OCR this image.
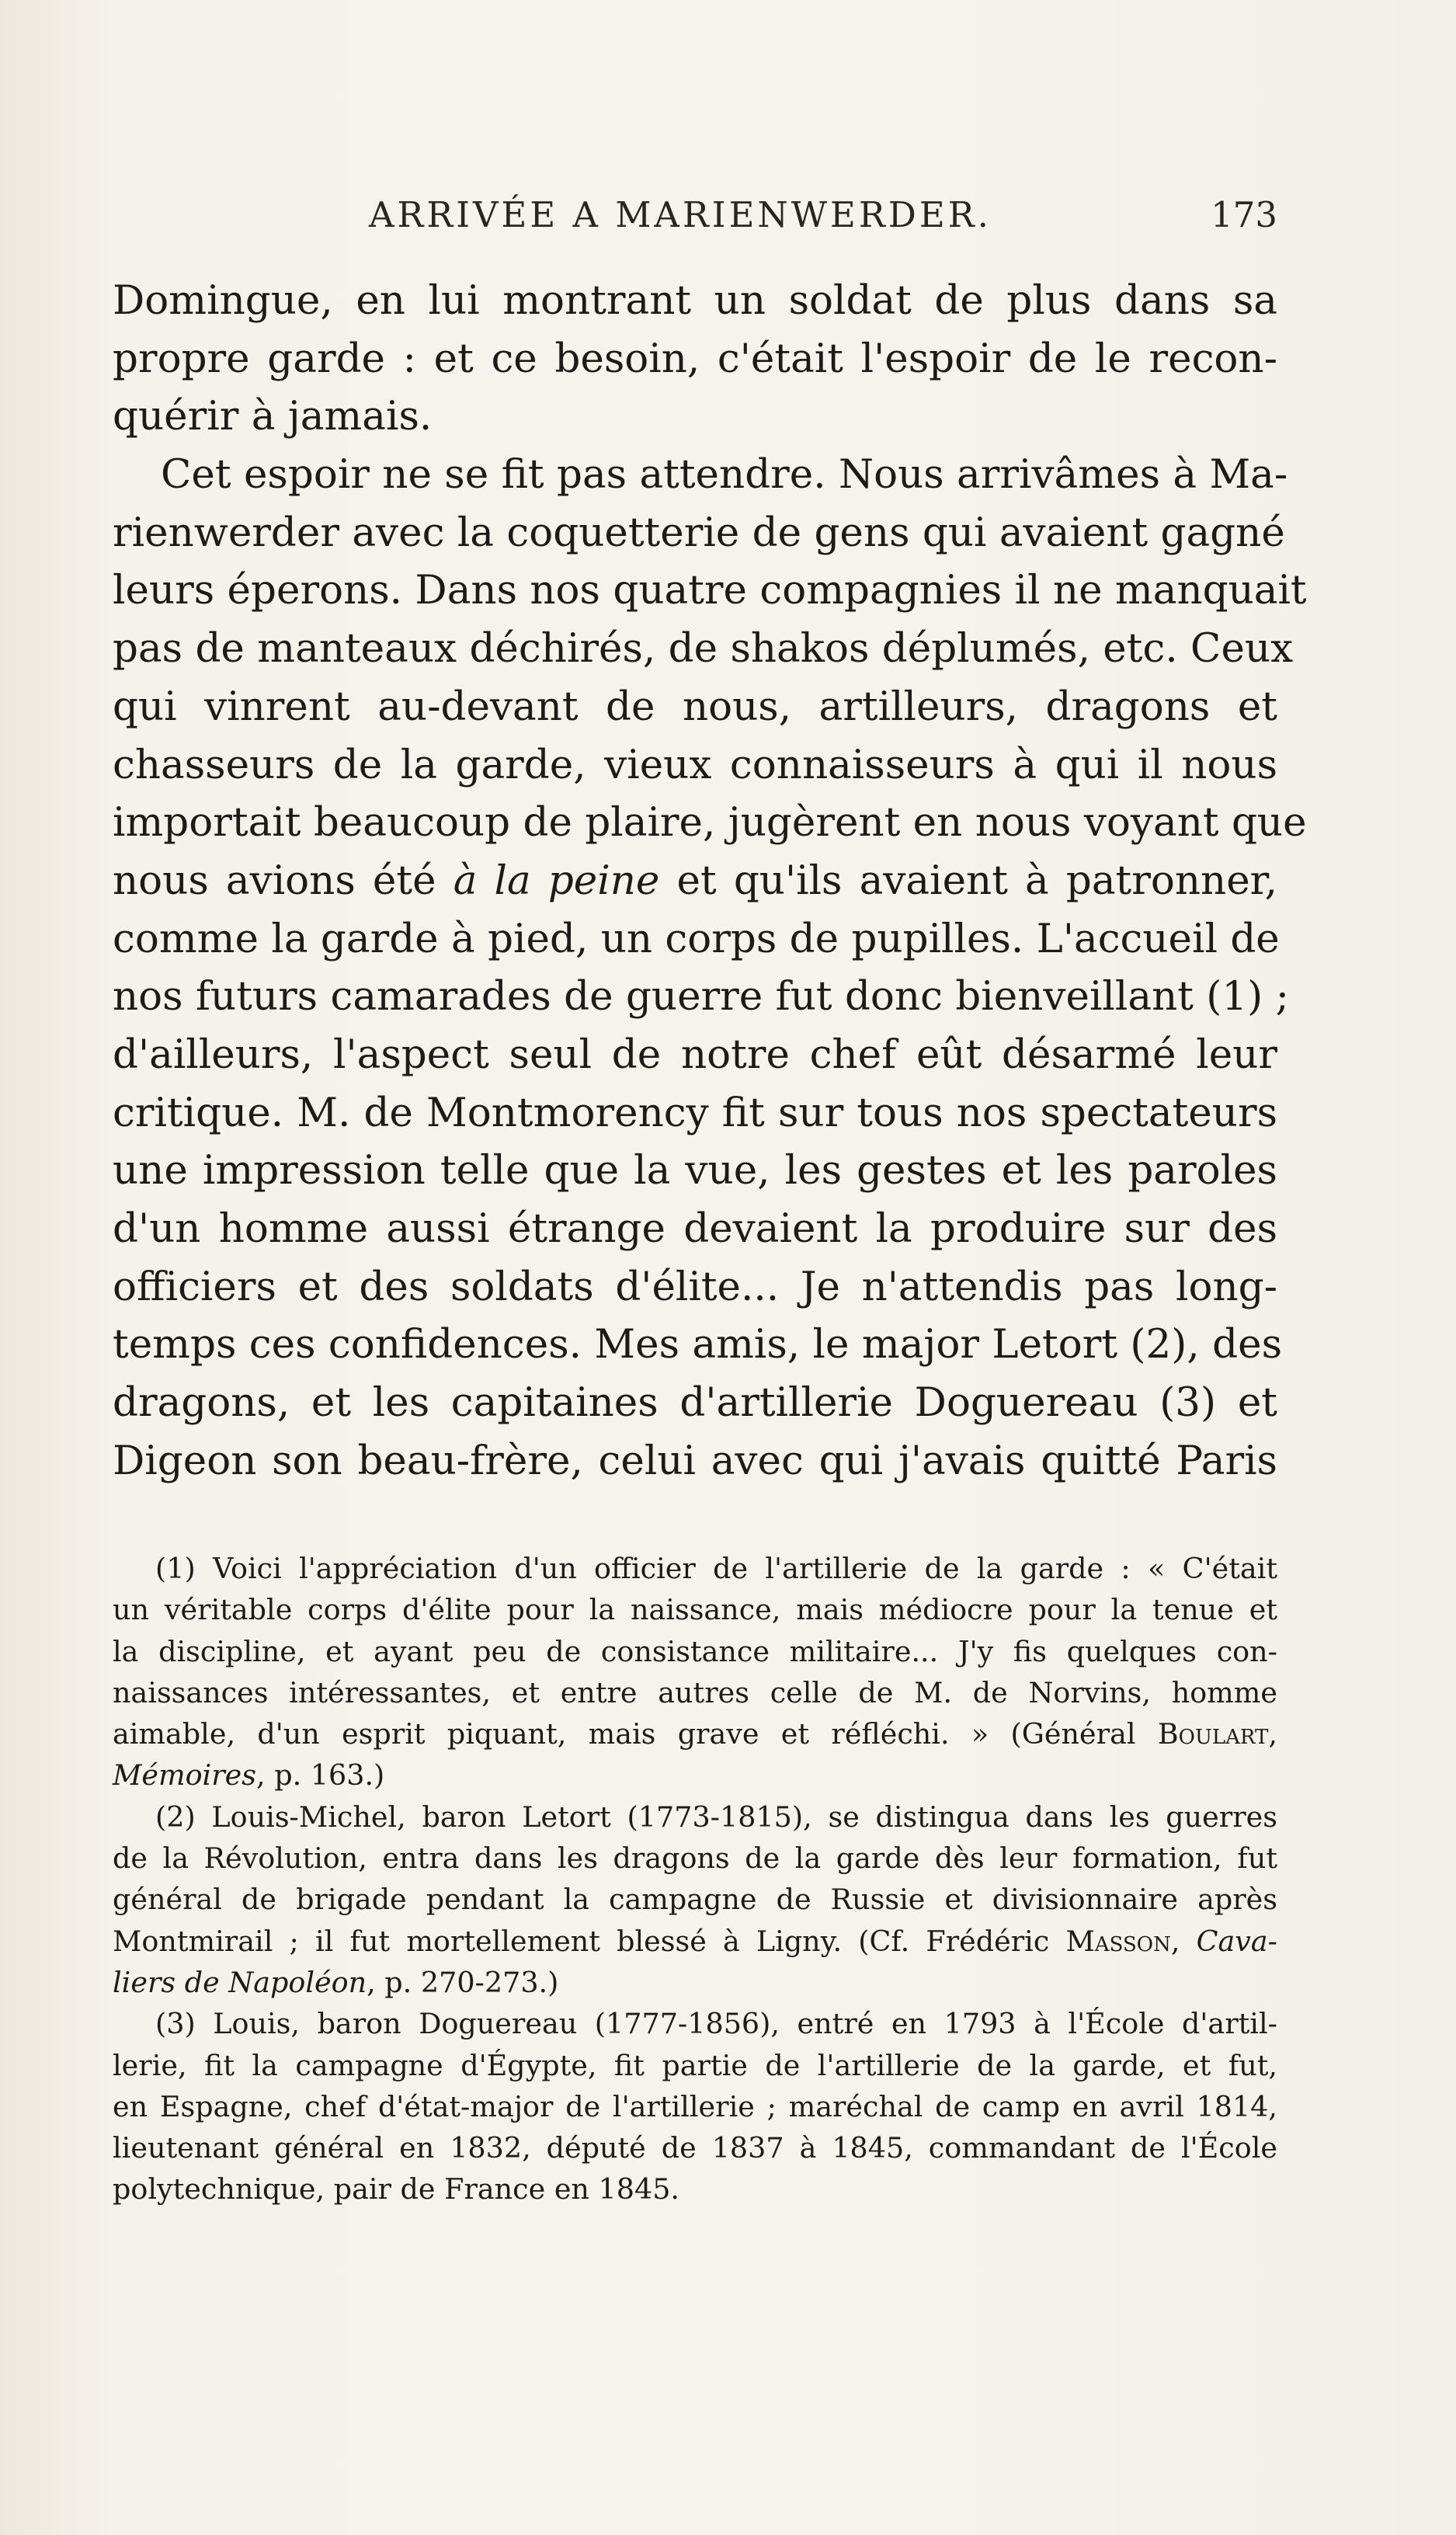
ARRIVÉE A MARIENWERDER.	173
Domingue, en lui montrant un soldat de plus dans sa
propre garde : et ce besoin, c'était l'espoir de le recon-
quérir à jamais.
Cet espoir ne se fit pas attendre. Nous arrivâmes à Ma-
rienwerder avec la coquetterie de gens qui avaient gagné
leurs éperons. Dans nos quatre compagnies il ne manquait
pas de manteaux déchirés, de shakos déplumés, etc. Ceux
qui vinrent au-devant de nous, artilleurs, dragons et
chasseurs de la garde, vieux connaisseurs à qui il nous
importait beaucoup de plaire, jugèrent en nous voyant que
nous avions été à la peine et qu'ils avaient à patronner,
comme la garde à pied, un corps de pupilles. L'accueil de
nos futurs camarades de guerre fut donc bienveillant (1) ;
d'ailleurs, l'aspect seul de notre chef eût désarmé leur
critique. M. de Montmorency fit sur tous nos spectateurs
une impression telle que la vue, les gestes et les paroles
d'un homme aussi étrange devaient la produire sur des
officiers et des soldats d'élite... Je n'attendis pas long-
temps ces confidences. Mes amis, le major Letort (2), des
dragons, et les capitaines d'artillerie Doguereau (3) et
Digeon son beau-frère, celui avec qui j'avais quitté Paris
(1) Voici l'appréciation d'un officier de l'artillerie de la garde : « C'était
un véritable corps d'élite pour la naissance, mais médiocre pour la tenue et
la discipline, et ayant peu de consistance militaire... J'y fis quelques con-
naissances intéressantes, et entre autres celle de M. de Norvins, homme
aimable, d'un esprit piquant, mais grave et réfléchi. » (Général Boulart,
Mémoires, p. 163.)
(2) Louis-Michel, baron Letort (1773-1815), se distingua dans les guerres
de la Révolution, entra dans les dragons de la garde dès leur formation, fut
général de brigade pendant la campagne de Russie et divisionnaire après
Montmirail ; il fut mortellement blessé à Ligny. (Cf. Frédéric Masson, Cava-
liers de Napoléon, p. 270-273.)
(3) Louis, baron Doguereau (1777-1856), entré en 1793 à l'École d'artil-
lerie, fit la campagne d'Égypte, fit partie de l'artillerie de la garde, et fut,
en Espagne, chef d'état-major de l'artillerie ; maréchal de camp en avril 1814,
lieutenant général en 1832, député de 1837 à 1845, commandant de l'École
polytechnique, pair de France en 1845.
